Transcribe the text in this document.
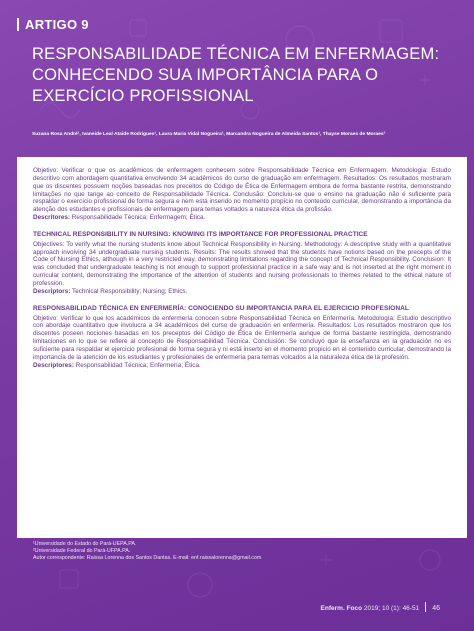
ARTIGO 9
RESPONSABILIDADE TÉCNICA EM ENFERMAGEM: CONHECENDO SUA IMPORTÂNCIA PARA O EXERCÍCIO PROFISSIONAL
Suzana Rosa André¹, Ivaneide Leal Ataide Rodrigues¹, Laura Maria Vidal Nogueira¹, Marcandra Nogueira de Almeida Santos¹, Thayse Moraes de Moraes²

Objetivo: Verificar o que os acadêmicos de enfermagem conhecem sobre Responsabilidade Técnica em Enfermagem. Metodologia: Estudo descritivo com abordagem quantitativa envolvendo 34 acadêmicos do curso de graduação em enfermagem. Resultados: Os resultados mostraram que os discentes possuem noções baseadas nos preceitos do Código de Ética de Enfermagem embora de forma bastante restrita, demonstrando limitações no que tange ao conceito de Responsabilidade Técnica. Conclusão: Concluiu-se que o ensino na graduação não é suficiente para respaldar o exercício profissional de forma segura e nem está inserido no momento propício no conteúdo curricular, demonstrando a importância da atenção dos estudantes e profissionais de enfermagem para temas voltados a natureza ética da profissão.

Descritores: Responsabilidade Técnica; Enfermagem; Ética.

TECHNICAL RESPONSIBILITY IN NURSING: KNOWING ITS IMPORTANCE FOR PROFESSIONAL PRACTICE

Objectives: To verify what the nursing students know about Technical Responsibility in Nursing. Methodology: A descriptive study with a quantitative approach involving 34 undergraduate nursing students. Results: The results showed that the students have notions based on the precepts of the Code of Nursing Ethics, although in a very restricted way, demonstrating limitations regarding the concept of Technical Responsibility. Conclusion: It was concluded that undergraduate teaching is not enough to support professional practice in a safe way and is not inserted at the right moment in curricular content, demonstrating the importance of the attention of students and nursing professionals to themes related to the ethical nature of profession.

Descriptors: Technical Responsibility; Nursing; Ethics.

RESPONSABILIDAD TÉCNICA EN ENFERMERÍA: CONOCIENDO SU IMPORTANCIA PARA EL EJERCICIO PROFESIONAL

Objetivo: Verificar lo que los académicos de enfermería conocen sobre Responsabilidad Técnica en Enfermería. Metodología: Estudio descriptivo con abordaje cuantitativo que involucra a 34 académicos del curso de graduación en enfermería. Resultados: Los resultados mostraron que los discentes poseen nociones basadas en los preceptos del Código de Ética de Enfermería aunque de forma bastante restringida, demostrando limitaciones en lo que se refiere al concepto de Responsabilidad Técnica. Conclusión: Se concluyó que la enseñanza en la graduación no es suficiente para respaldar el ejercicio profesional de forma segura y ni está inserto en el momento propicio en el contenido curricular, demostrando la importancia de la atención de los estudiantes y profesionales de enfermería para temas volcados a la naturaleza ética de la profesión.

Descriptores: Responsabilidad Técnica; Enfermería; Ética.

¹Universidade do Estado do Pará-UEPA.PA.
²Universidade Federal do Pará-UFPA.PA.
Autor correspondente: Raissa Lorenna dos Santos Dantas. E-mail: enf.raissalorenna@gmail.com
Enferm. Foco 2019; 10 (1): 46-51 46
